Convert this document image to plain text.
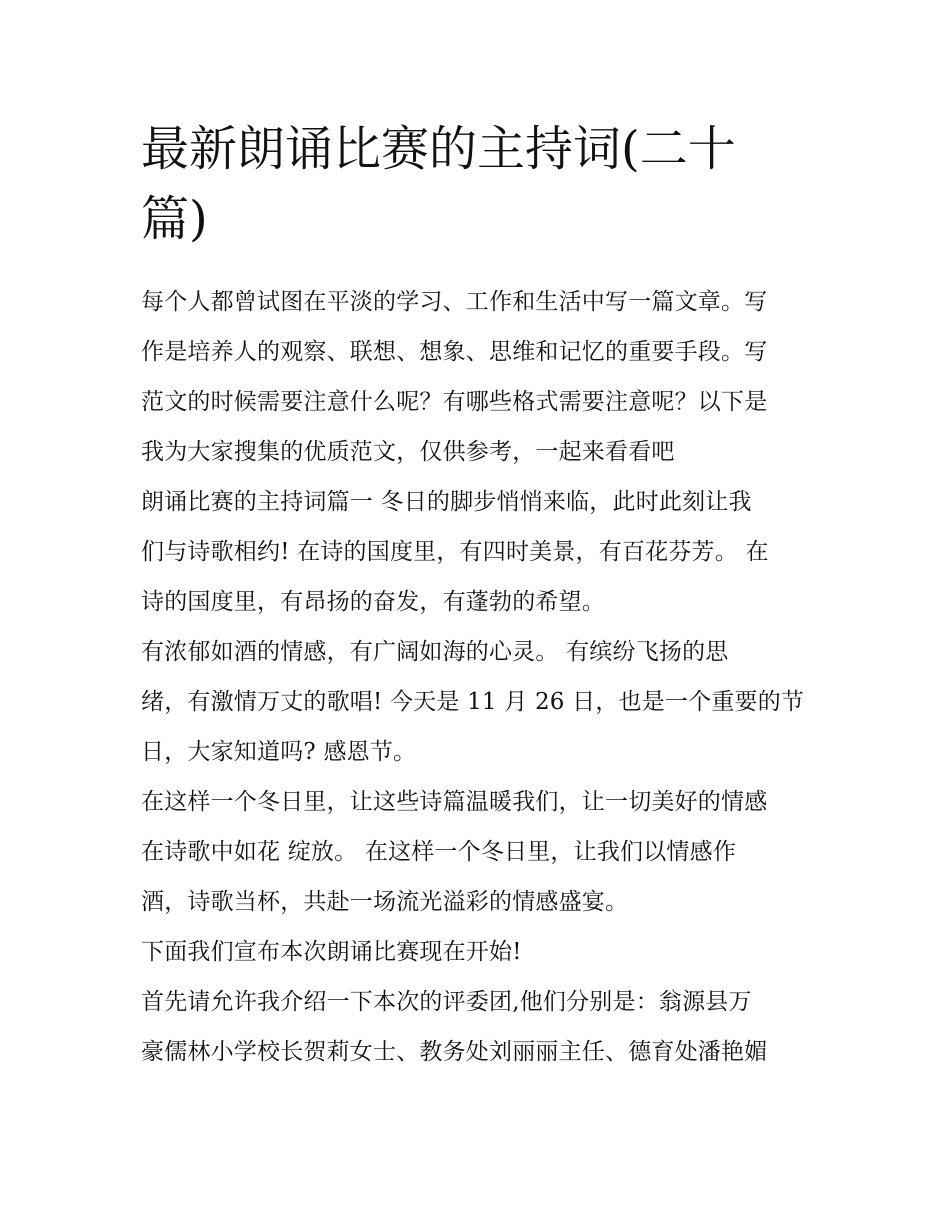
最新朗诵比赛的主持词(二十
篇)

每个人都曾试图在平淡的学习、工作和生活中写一篇文章。写
作是培养人的观察、联想、想象、思维和记忆的重要手段。写
范文的时候需要注意什么呢？有哪些格式需要注意呢？以下是
我为大家搜集的优质范文，仅供参考，一起来看看吧

朗诵比赛的主持词篇一 冬日的脚步悄悄来临，此时此刻让我
们与诗歌相约! 在诗的国度里，有四时美景，有百花芬芳。 在
诗的国度里，有昂扬的奋发，有蓬勃的希望。

有浓郁如酒的情感，有广阔如海的心灵。 有缤纷飞扬的思
绪，有激情万丈的歌唱! 今天是 11 月 26 日，也是一个重要的节
日，大家知道吗? 感恩节。

在这样一个冬日里，让这些诗篇温暖我们，让一切美好的情感
在诗歌中如花 绽放。 在这样一个冬日里，让我们以情感作
酒，诗歌当杯，共赴一场流光溢彩的情感盛宴。

下面我们宣布本次朗诵比赛现在开始!

首先请允许我介绍一下本次的评委团,他们分别是：翁源县万
豪儒林小学校长贺莉女士、教务处刘丽丽主任、德育处潘艳媚
